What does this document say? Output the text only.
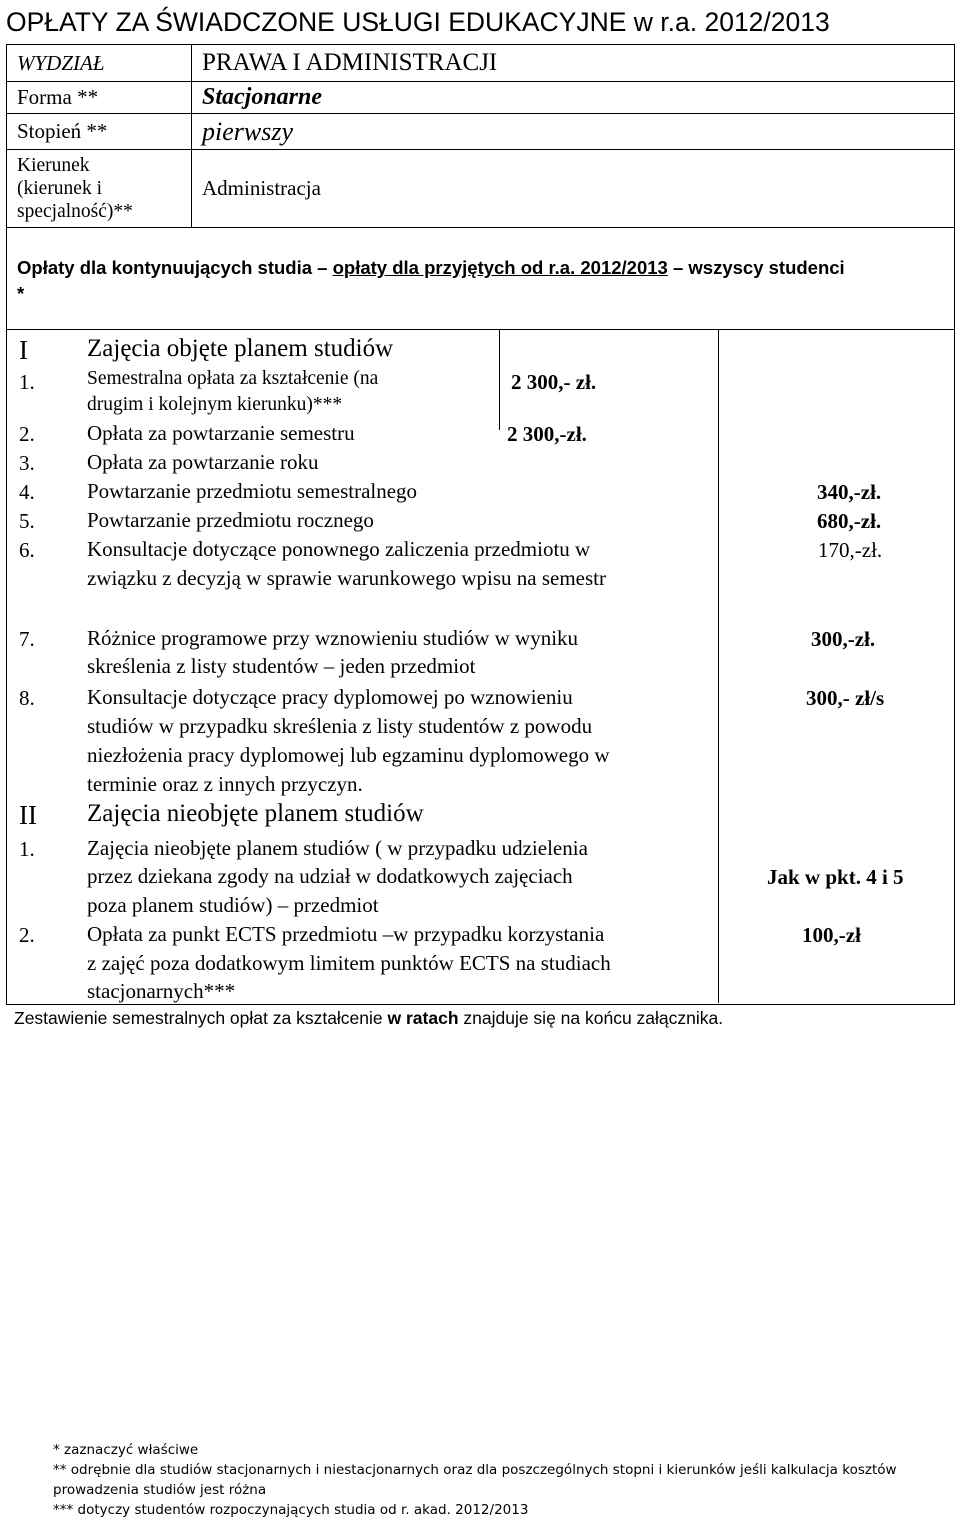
OPŁATY ZA ŚWIADCZONE USŁUGI EDUKACYJNE w r.a. 2012/2013
WYDZIAŁ	PRAWA I ADMINISTRACJI
Forma **	Stacjonarne
Stopień **	pierwszy

Kierunek
(kierunek i
specjalność)**	Administracja
Opłaty dla kontynuujących studia – opłaty dla przyjętych od r.a. 2012/2013 – wszyscy studenci
*
I Zajęcia objęte planem studiów
1.	Semestralna opłata za kształcenie (na
drugim i kolejnym kierunku)***
2 300,- zł.
2. Opłata za powtarzanie semestru	2 300,-zł.
3. Opłata za powtarzanie roku
4. Powtarzanie przedmiotu semestralnego	340,-zł.
5. Powtarzanie przedmiotu rocznego	680,-zł.
6. Konsultacje dotyczące ponownego zaliczenia przedmiotu w
związku z decyzją w sprawie warunkowego wpisu na semestr
170,-zł.
7. Różnice programowe przy wznowieniu studiów w wyniku
skreślenia z listy studentów – jeden przedmiot
300,-zł.
8. Konsultacje dotyczące pracy dyplomowej po wznowieniu
studiów w przypadku skreślenia z listy studentów z powodu
niezłożenia pracy dyplomowej lub egzaminu dyplomowego w
terminie oraz z innych przyczyn.
300,- zł/s
II Zajęcia nieobjęte planem studiów
1. Zajęcia nieobjęte planem studiów ( w przypadku udzielenia
przez dziekana zgody na udział w dodatkowych zajęciach
poza planem studiów) – przedmiot
Jak w pkt. 4 i 5
2. Opłata za punkt ECTS przedmiotu –w przypadku korzystania
z zajęć poza dodatkowym limitem punktów ECTS na studiach
stacjonarnych***
100,-zł
Zestawienie semestralnych opłat za kształcenie w ratach znajduje się na końcu załącznika.
* zaznaczyć właściwe
** odrębnie dla studiów stacjonarnych i niestacjonarnych oraz dla poszczególnych stopni i kierunków jeśli kalkulacja kosztów
prowadzenia studiów jest różna
*** dotyczy studentów rozpoczynających studia od r. akad. 2012/2013
